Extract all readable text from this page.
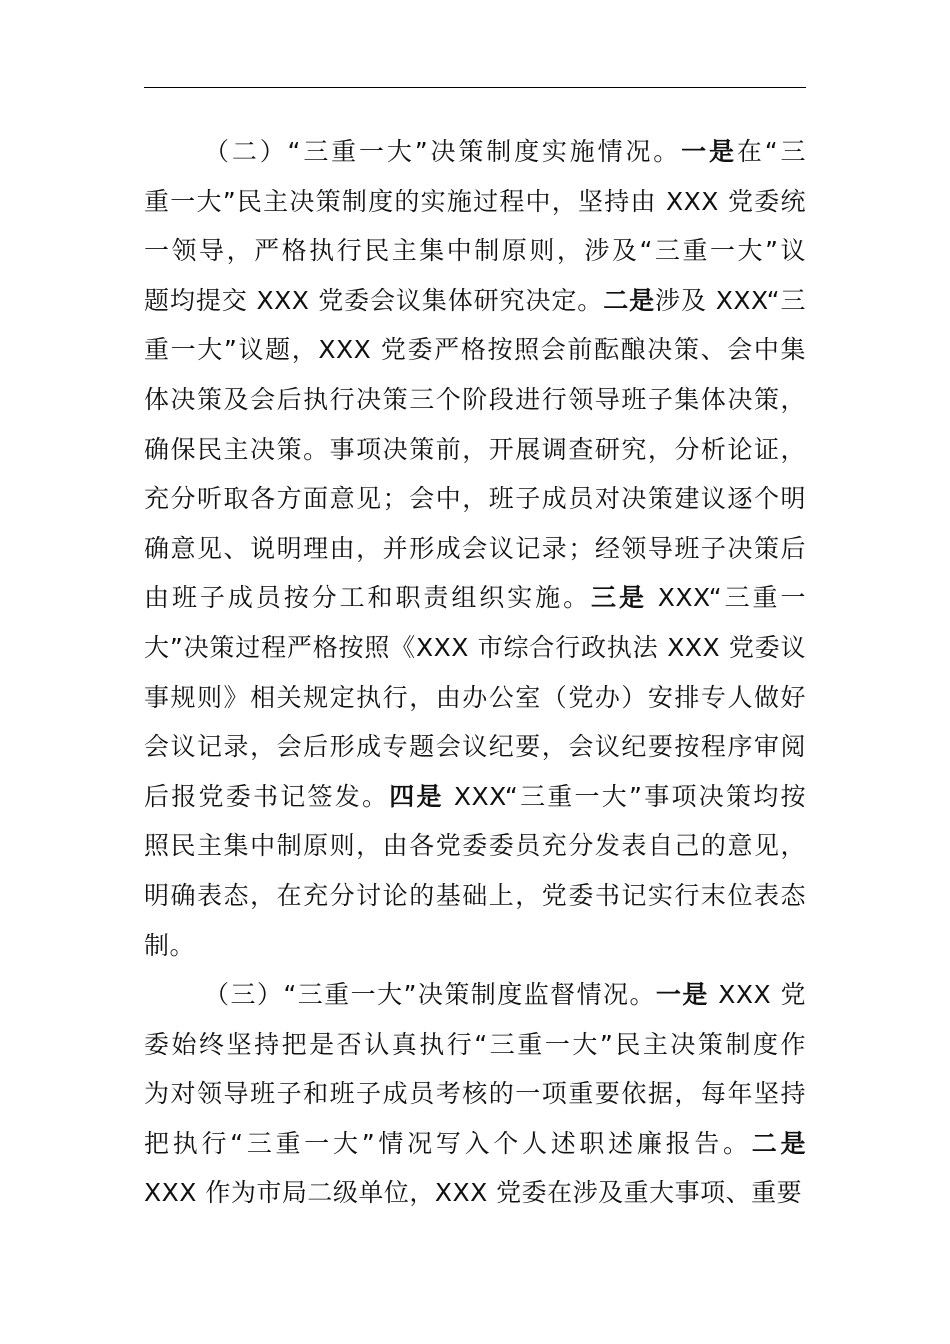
（二）“三重一大”决策制度实施情况。一是在“三
重一大”民主决策制度的实施过程中，坚持由 XXX 党委统
一领导，严格执行民主集中制原则，涉及“三重一大”议
题均提交 XXX 党委会议集体研究决定。二是涉及 XXX“三
重一大”议题，XXX 党委严格按照会前酝酿决策、会中集
体决策及会后执行决策三个阶段进行领导班子集体决策，
确保民主决策。事项决策前，开展调查研究，分析论证，
充分听取各方面意见；会中，班子成员对决策建议逐个明
确意见、说明理由，并形成会议记录；经领导班子决策后
由班子成员按分工和职责组织实施。三是 XXX“三重一
大”决策过程严格按照《XXX 市综合行政执法 XXX 党委议
事规则》相关规定执行，由办公室（党办）安排专人做好
会议记录，会后形成专题会议纪要，会议纪要按程序审阅
后报党委书记签发。四是 XXX“三重一大”事项决策均按
照民主集中制原则，由各党委委员充分发表自己的意见，
明确表态，在充分讨论的基础上，党委书记实行末位表态
制。
（三）“三重一大”决策制度监督情况。一是 XXX 党
委始终坚持把是否认真执行“三重一大”民主决策制度作
为对领导班子和班子成员考核的一项重要依据，每年坚持
把执行“三重一大”情况写入个人述职述廉报告。二是
XXX 作为市局二级单位，XXX 党委在涉及重大事项、重要
